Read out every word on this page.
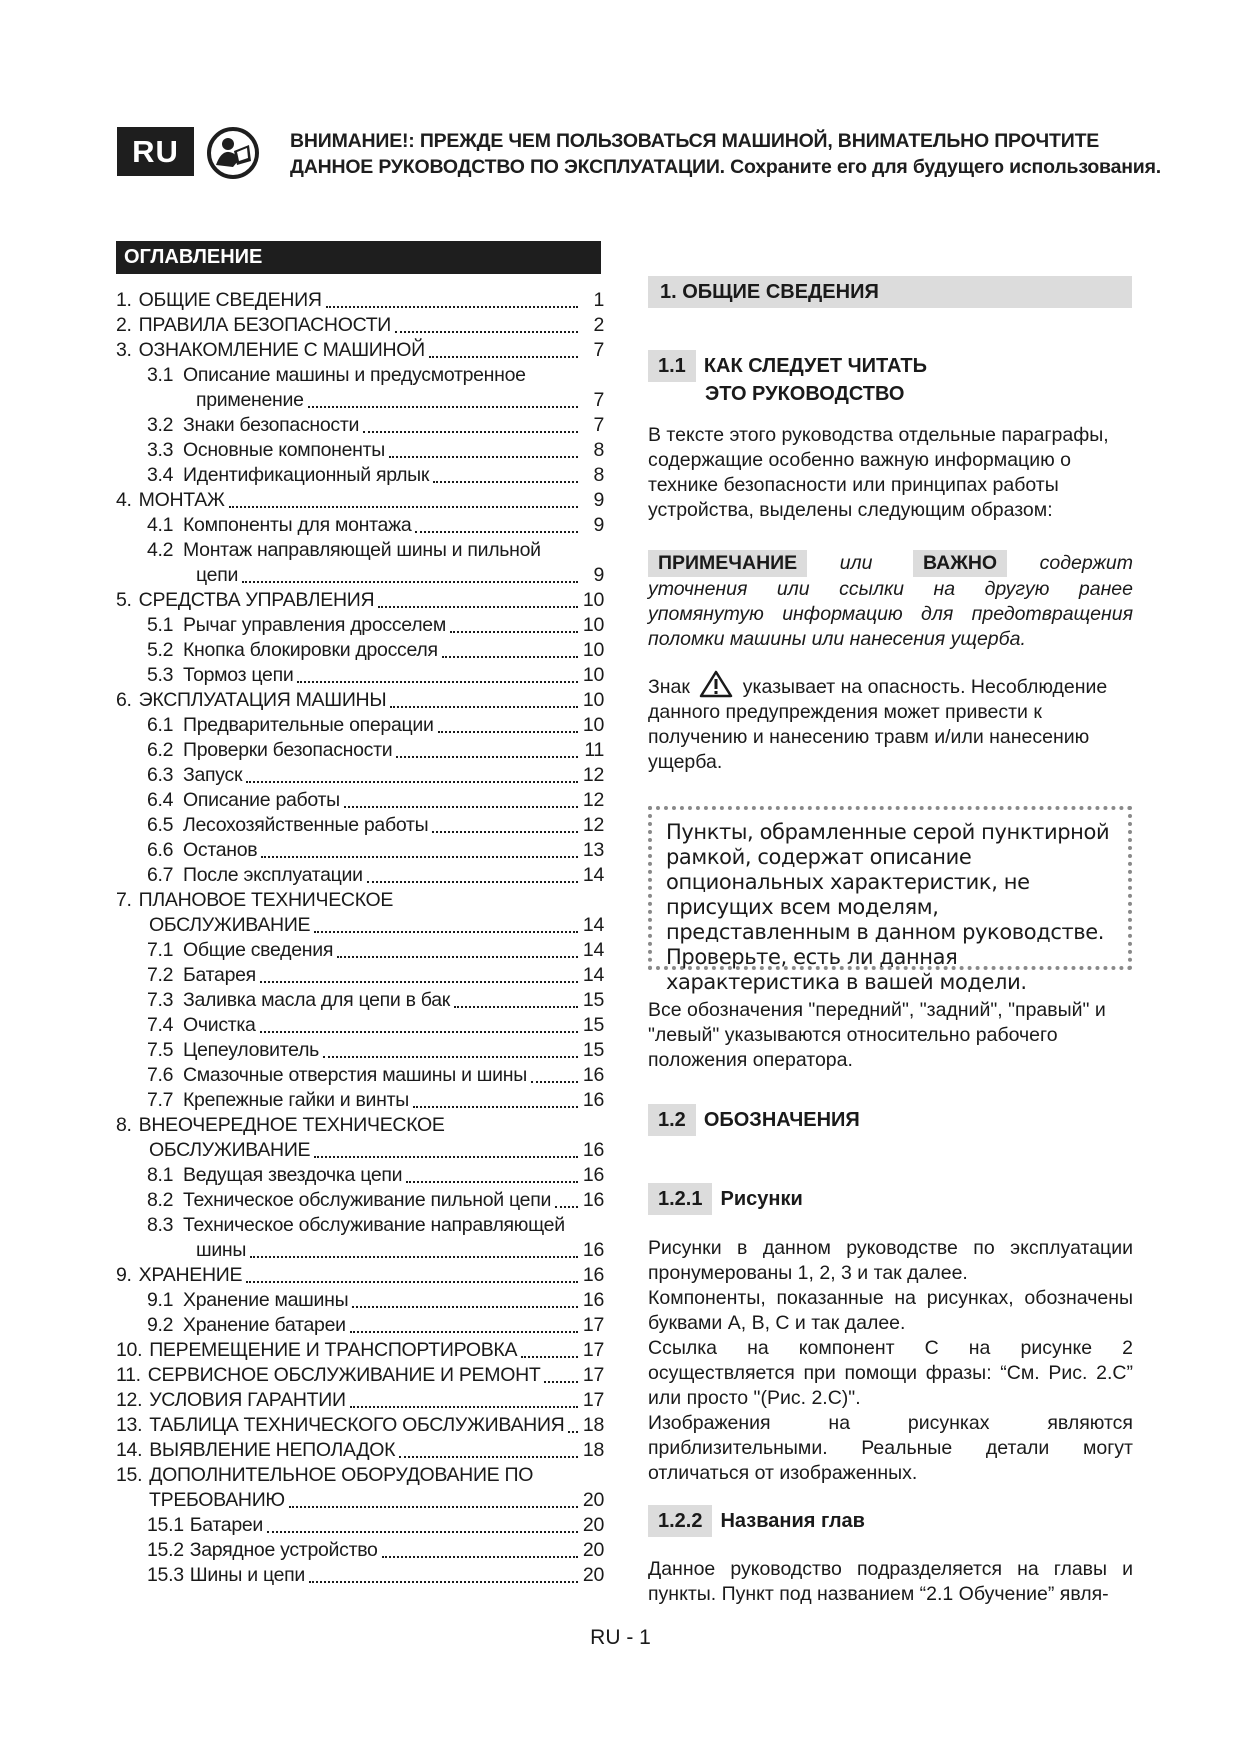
RU	ВНИМАНИЕ!: ПРЕЖДЕ ЧЕМ ПОЛЬЗОВАТЬСЯ МАШИНОЙ, ВНИМАТЕЛЬНО ПРОЧТИТЕ
ДАННОЕ РУКОВОДСТВО ПО ЭКСПЛУАТАЦИИ. Сохраните его для будущего использования.
ОГЛАВЛЕНИЕ
1. ОБЩИЕ СВЕДЕНИЯ	1
2. ПРАВИЛА БЕЗОПАСНОСТИ	2
3. ОЗНАКОМЛЕНИЕ С МАШИНОЙ	7
3.1 Описание машины и предусмотренное
применение	7
3.2 Знаки безопасности	7
3.3 Основные компоненты	8
3.4 Идентификационный ярлык	8
4. МОНТАЖ	9
4.1 Компоненты для монтажа	9
4.2 Монтаж направляющей шины и пильной
цепи	9
5. СРЕДСТВА УПРАВЛЕНИЯ	10
5.1 Рычаг управления дросселем	10
5.2 Кнопка блокировки дросселя	10
5.3 Тормоз цепи	10
6. ЭКСПЛУАТАЦИЯ МАШИНЫ	10
6.1 Предварительные операции	10
6.2 Проверки безопасности	11
6.3 Запуск	12
6.4 Описание работы	12
6.5 Лесохозяйственные работы	12
6.6 Останов	13
6.7 После эксплуатации	14
7. ПЛАНОВОЕ ТЕХНИЧЕСКОЕ
ОБСЛУЖИВАНИЕ	14
7.1 Общие сведения	14
7.2 Батарея	14
7.3 Заливка масла для цепи в бак	15
7.4 Очистка	15
7.5 Цепеуловитель	15
7.6 Смазочные отверстия машины и шины	16
7.7 Крепежные гайки и винты	16
8. ВНЕОЧЕРЕДНОЕ ТЕХНИЧЕСКОЕ
ОБСЛУЖИВАНИЕ	16
8.1 Ведущая звездочка цепи	16
8.2 Техническое обслуживание пильной цепи 16
8.3 Техническое обслуживание направляющей
шины	16
9. ХРАНЕНИЕ	16
9.1 Хранение машины	16
9.2 Хранение батареи	17
10. ПЕРЕМЕЩЕНИЕ И ТРАНСПОРТИРОВКА	17
11. СЕРВИСНОЕ ОБСЛУЖИВАНИЕ И РЕМОНТ 17
12. УСЛОВИЯ ГАРАНТИИ	17
13. ТАБЛИЦА ТЕХНИЧЕСКОГО ОБСЛУЖИВАНИЯ 18
14. ВЫЯВЛЕНИЕ НЕПОЛАДОК	18
15. ДОПОЛНИТЕЛЬНОЕ ОБОРУДОВАНИЕ ПО
ТРЕБОВАНИЮ	20
15.1 Батареи	20
15.2 Зарядное устройство	20
15.3 Шины и цепи	20
1. ОБЩИЕ СВЕДЕНИЯ
1.1 КАК СЛЕДУЕТ ЧИТАТЬ
ЭТО РУКОВОДСТВО
В тексте этого руководства отдельные параграфы, содержащие особенно важную информацию о технике безопасности или принципах работы устройства, выделены следующим образом:
ПРИМЕЧАНИЕ или	ВАЖНО содержит уточнения или ссылки на другую ранее упомянутую информацию для предотвращения поломки машины или нанесения ущерба.
Знак	указывает на опасность. Несоблюдение данного предупреждения может привести к получению и нанесению травм и/или нанесению ущерба.
Пункты, обрамленные серой пунктирной рамкой, содержат описание опциональных характеристик, не присущих всем моделям, представленным в данном руководстве. Проверьте, есть ли данная характеристика в вашей модели.
Все обозначения "передний", "задний", "правый" и "левый" указываются относительно рабочего положения оператора.
1.2 ОБОЗНАЧЕНИЯ
1.2.1 Рисунки
Рисунки в данном руководстве по эксплуатации пронумерованы 1, 2, 3 и так далее.
Компоненты, показанные на рисунках, обозначены буквами А, В, С и так далее.
Ссылка на компонент С на рисунке 2 осуществляется при помощи фразы: “См. Рис. 2.С” или просто "(Рис. 2.С)".
Изображения на рисунках являются приблизительными. Реальные детали могут отличаться от изображенных.
1.2.2 Названия глав
Данное руководство подразделяется на главы и пункты. Пункт под названием “2.1 Обучение” явля-
RU - 1
